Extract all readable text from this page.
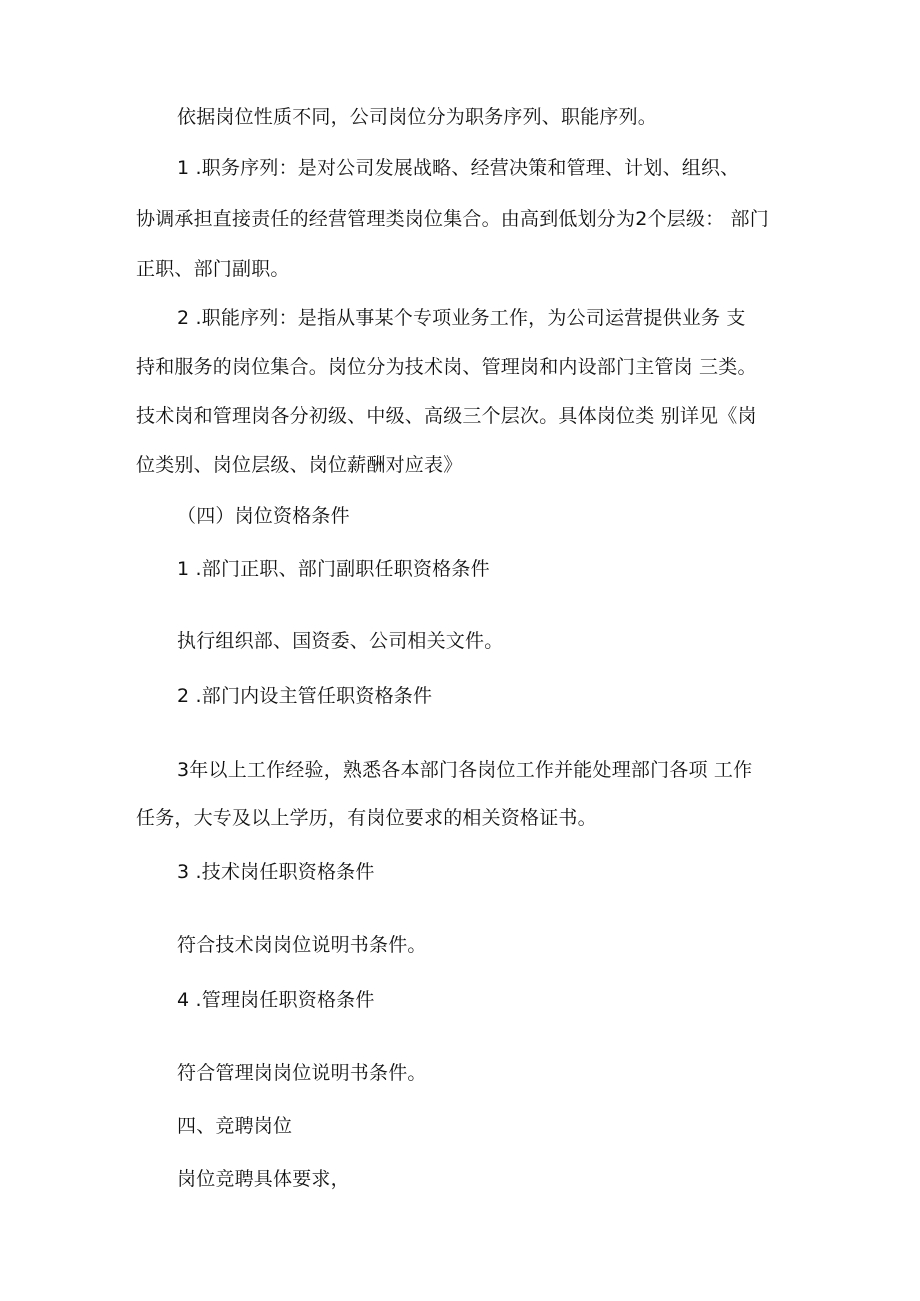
依据岗位性质不同，公司岗位分为职务序列、职能序列。
1 .职务序列：是对公司发展战略、经营决策和管理、计划、组织、
协调承担直接责任的经营管理类岗位集合。由高到低划分为2个层级： 部门
正职、部门副职。
2 .职能序列：是指从事某个专项业务工作，为公司运营提供业务 支
持和服务的岗位集合。岗位分为技术岗、管理岗和内设部门主管岗 三类。
技术岗和管理岗各分初级、中级、高级三个层次。具体岗位类 别详见《岗
位类别、岗位层级、岗位薪酬对应表》
（四）岗位资格条件
1 .部门正职、部门副职任职资格条件
执行组织部、国资委、公司相关文件。
2 .部门内设主管任职资格条件
3年以上工作经验，熟悉各本部门各岗位工作并能处理部门各项 工作
任务，大专及以上学历，有岗位要求的相关资格证书。
3 .技术岗任职资格条件
符合技术岗岗位说明书条件。
4 .管理岗任职资格条件
符合管理岗岗位说明书条件。
四、竞聘岗位
岗位竞聘具体要求，
